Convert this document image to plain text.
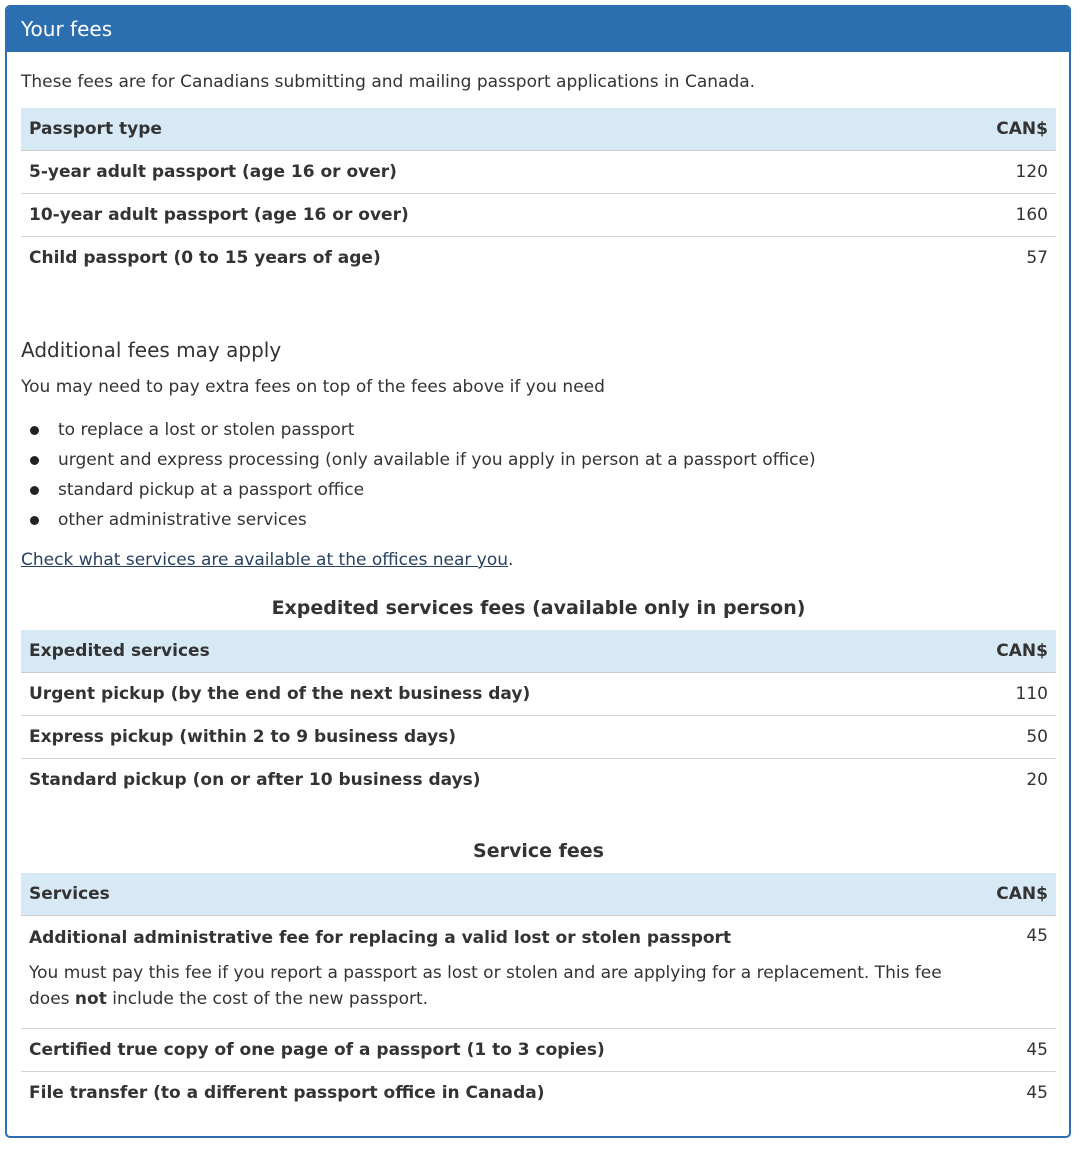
Your fees

These fees are for Canadians submitting and mailing passport applications in Canada.

Passport type	CAN$
5-year adult passport (age 16 or over)	120
10-year adult passport (age 16 or over)	160
Child passport (0 to 15 years of age)	57
Additional fees may apply

You may need to pay extra fees on top of the fees above if you need

to replace a lost or stolen passport
urgent and express processing (only available if you apply in person at a passport office)
standard pickup at a passport office
other administrative services

Check what services are available at the offices near you.

Expedited services fees (available only in person)
Expedited services	CAN$
Urgent pickup (by the end of the next business day)	110
Express pickup (within 2 to 9 business days)	50
Standard pickup (on or after 10 business days)	20
Service fees
Services	CAN$

Additional administrative fee for replacing a valid lost or stolen passport
You must pay this fee if you report a passport as lost or stolen and are applying for a replacement. This fee does not include the cost of the new passport.	45
Certified true copy of one page of a passport (1 to 3 copies)	45
File transfer (to a different passport office in Canada)	45
